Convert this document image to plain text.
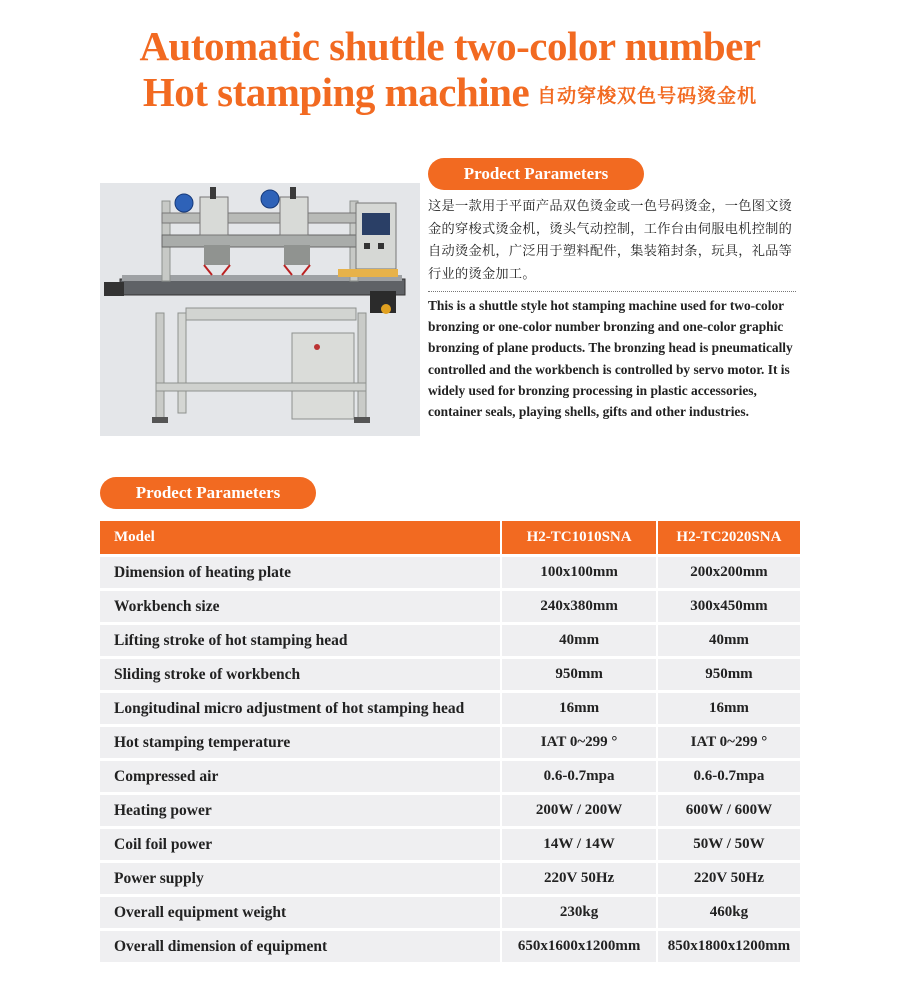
Automatic shuttle two-color number
Hot stamping machine 自动穿梭双色号码烫金机
Prodect Parameters
这是一款用于平面产品双色烫金或一色号码烫金，一色图文烫金的穿梭式烫金机，烫头气动控制，工作台由伺服电机控制的自动烫金机，广泛用于塑料配件，集装箱封条，玩具，礼品等行业的烫金加工。
This is a shuttle style hot stamping machine used for two-color bronzing or one-color number bronzing and one-color graphic bronzing of plane products. The bronzing head is pneumatically controlled and the workbench is controlled by servo motor. It is widely used for bronzing processing in plastic accessories, container seals, playing shells, gifts and other industries.
Prodect Parameters
Model	H2-TC1010SNA	H2-TC2020SNA
Dimension of heating plate	100x100mm	200x200mm
Workbench size	240x380mm	300x450mm
Lifting stroke of hot stamping head	40mm	40mm
Sliding stroke of workbench	950mm	950mm
Longitudinal micro adjustment of hot stamping head	16mm	16mm
Hot stamping temperature	IAT 0~299 °	IAT 0~299 °
Compressed air	0.6-0.7mpa	0.6-0.7mpa
Heating power	200W / 200W	600W / 600W
Coil foil power	14W / 14W	50W / 50W
Power supply	220V 50Hz	220V 50Hz
Overall equipment weight	230kg	460kg
Overall dimension of equipment	650x1600x1200mm	850x1800x1200mm
